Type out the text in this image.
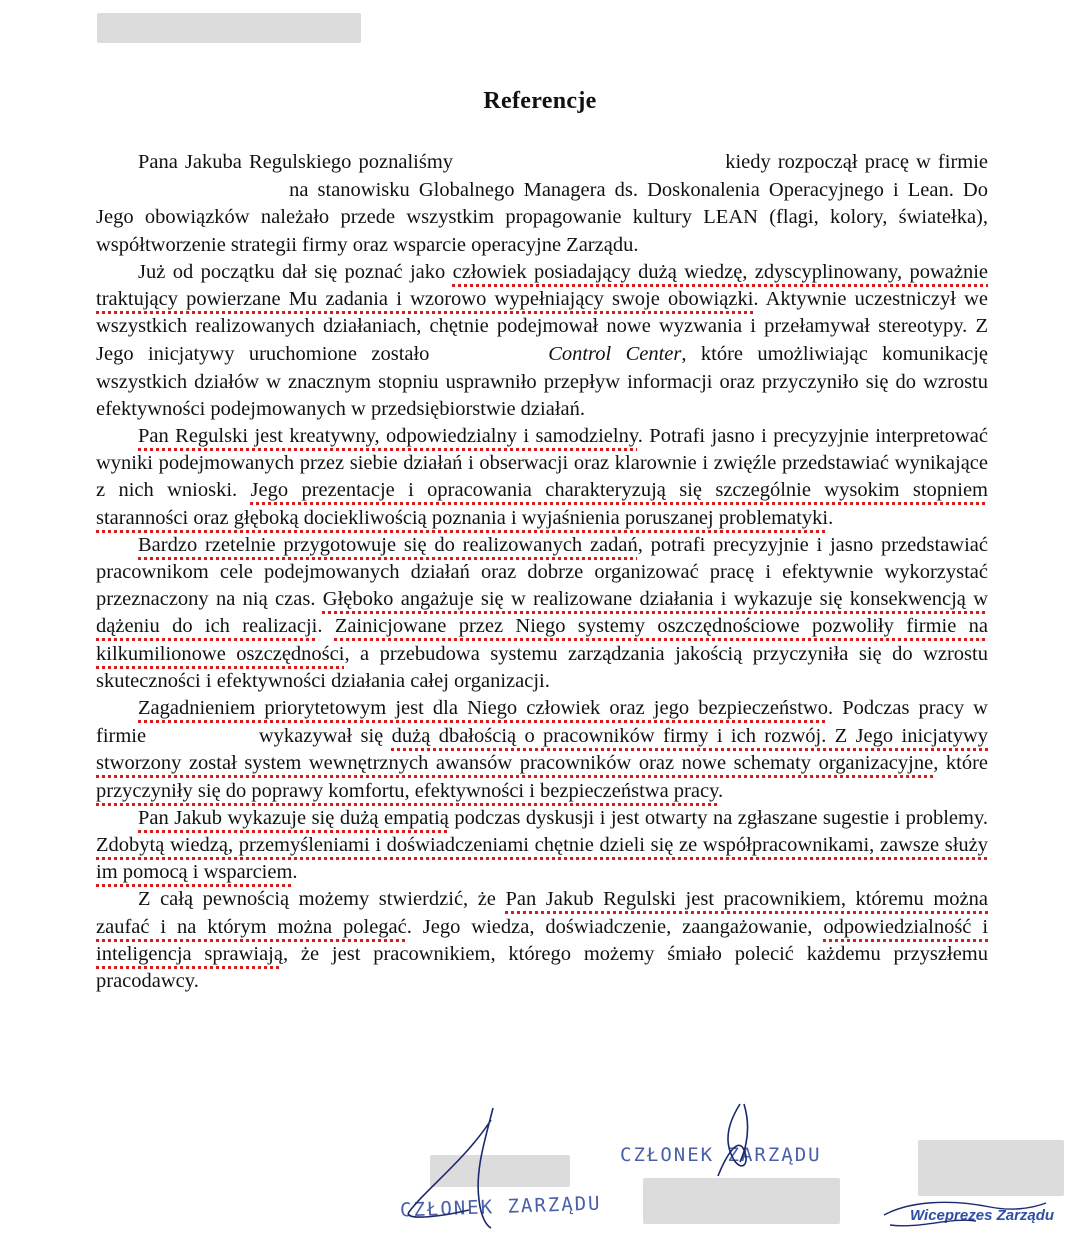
Referencje

Pana Jakuba Regulskiego poznaliśmy	kiedy rozpoczął pracę w firmie  na stanowisku Globalnego Managera ds. Doskonalenia Operacyjnego i Lean. Do Jego obowiązków należało przede wszystkim propagowanie kultury LEAN (flagi, kolory, światełka), współtworzenie strategii firmy oraz wsparcie operacyjne Zarządu.

Już od początku dał się poznać jako człowiek posiadający dużą wiedzę, zdyscyplinowany, poważnie traktujący powierzane Mu zadania i wzorowo wypełniający swoje obowiązki. Aktywnie uczestniczył we wszystkich realizowanych działaniach, chętnie podejmował nowe wyzwania i przełamywał stereotypy. Z Jego inicjatywy uruchomione zostało	Control Center, które umożliwiając komunikację wszystkich działów w znacznym stopniu usprawniło przepływ informacji oraz przyczyniło się do wzrostu efektywności podejmowanych w przedsiębiorstwie działań.

Pan Regulski jest kreatywny, odpowiedzialny i samodzielny. Potrafi jasno i precyzyjnie interpretować wyniki podejmowanych przez siebie działań i obserwacji oraz klarownie i zwięźle przedstawiać wynikające z nich wnioski. Jego prezentacje i opracowania charakteryzują się szczególnie wysokim stopniem staranności oraz głęboką dociekliwością poznania i wyjaśnienia poruszanej problematyki.

Bardzo rzetelnie przygotowuje się do realizowanych zadań, potrafi precyzyjnie i jasno przedstawiać pracownikom cele podejmowanych działań oraz dobrze organizować pracę i efektywnie wykorzystać przeznaczony na nią czas. Głęboko angażuje się w realizowane działania i wykazuje się konsekwencją w dążeniu do ich realizacji. Zainicjowane przez Niego systemy oszczędnościowe pozwoliły firmie na kilkumilionowe oszczędności, a przebudowa systemu zarządzania jakością przyczyniła się do wzrostu skuteczności i efektywności działania całej organizacji.

Zagadnieniem priorytetowym jest dla Niego człowiek oraz jego bezpieczeństwo. Podczas pracy w firmie	wykazywał się dużą dbałością o pracowników firmy i ich rozwój. Z Jego inicjatywy stworzony został system wewnętrznych awansów pracowników oraz nowe schematy organizacyjne, które przyczyniły się do poprawy komfortu, efektywności i bezpieczeństwa pracy.

Pan Jakub wykazuje się dużą empatią podczas dyskusji i jest otwarty na zgłaszane sugestie i problemy. Zdobytą wiedzą, przemyśleniami i doświadczeniami chętnie dzieli się ze współpracownikami, zawsze służy im pomocą i wsparciem.

Z całą pewnością możemy stwierdzić, że Pan Jakub Regulski jest pracownikiem, któremu można zaufać i na którym można polegać. Jego wiedza, doświadczenie, zaangażowanie, odpowiedzialność i inteligencja sprawiają, że jest pracownikiem, którego możemy śmiało polecić każdemu przyszłemu pracodawcy.

CZŁONEK ZARZĄDU
CZŁONEK ZARZĄDU
Wiceprezes Zarządu
